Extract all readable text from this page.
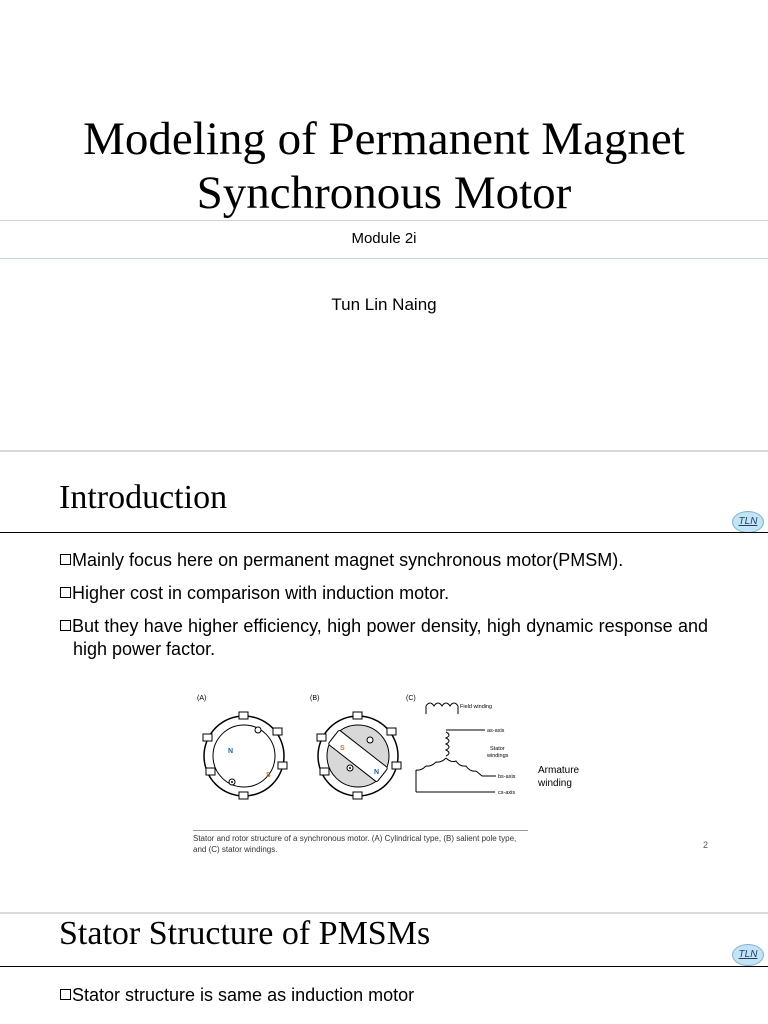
Modeling of Permanent Magnet
Synchronous Motor
Module 2i
Tun Lin Naing
Introduction
TLN
Mainly focus here on permanent magnet synchronous motor(PMSM).
Higher cost in comparison with induction motor.
But they have higher efficiency, high power density, high dynamic response and high power factor.
(A)	(B)	(C)
N
S
S
N
Field winding
as-axis
Stator
windings
bs-axis
cs-axis
Armature
winding
Stator and rotor structure of a synchronous motor. (A) Cylindrical type, (B) salient pole type, and (C) stator windings.	2
Stator Structure of PMSMs
TLN
Stator structure is same as induction motor
